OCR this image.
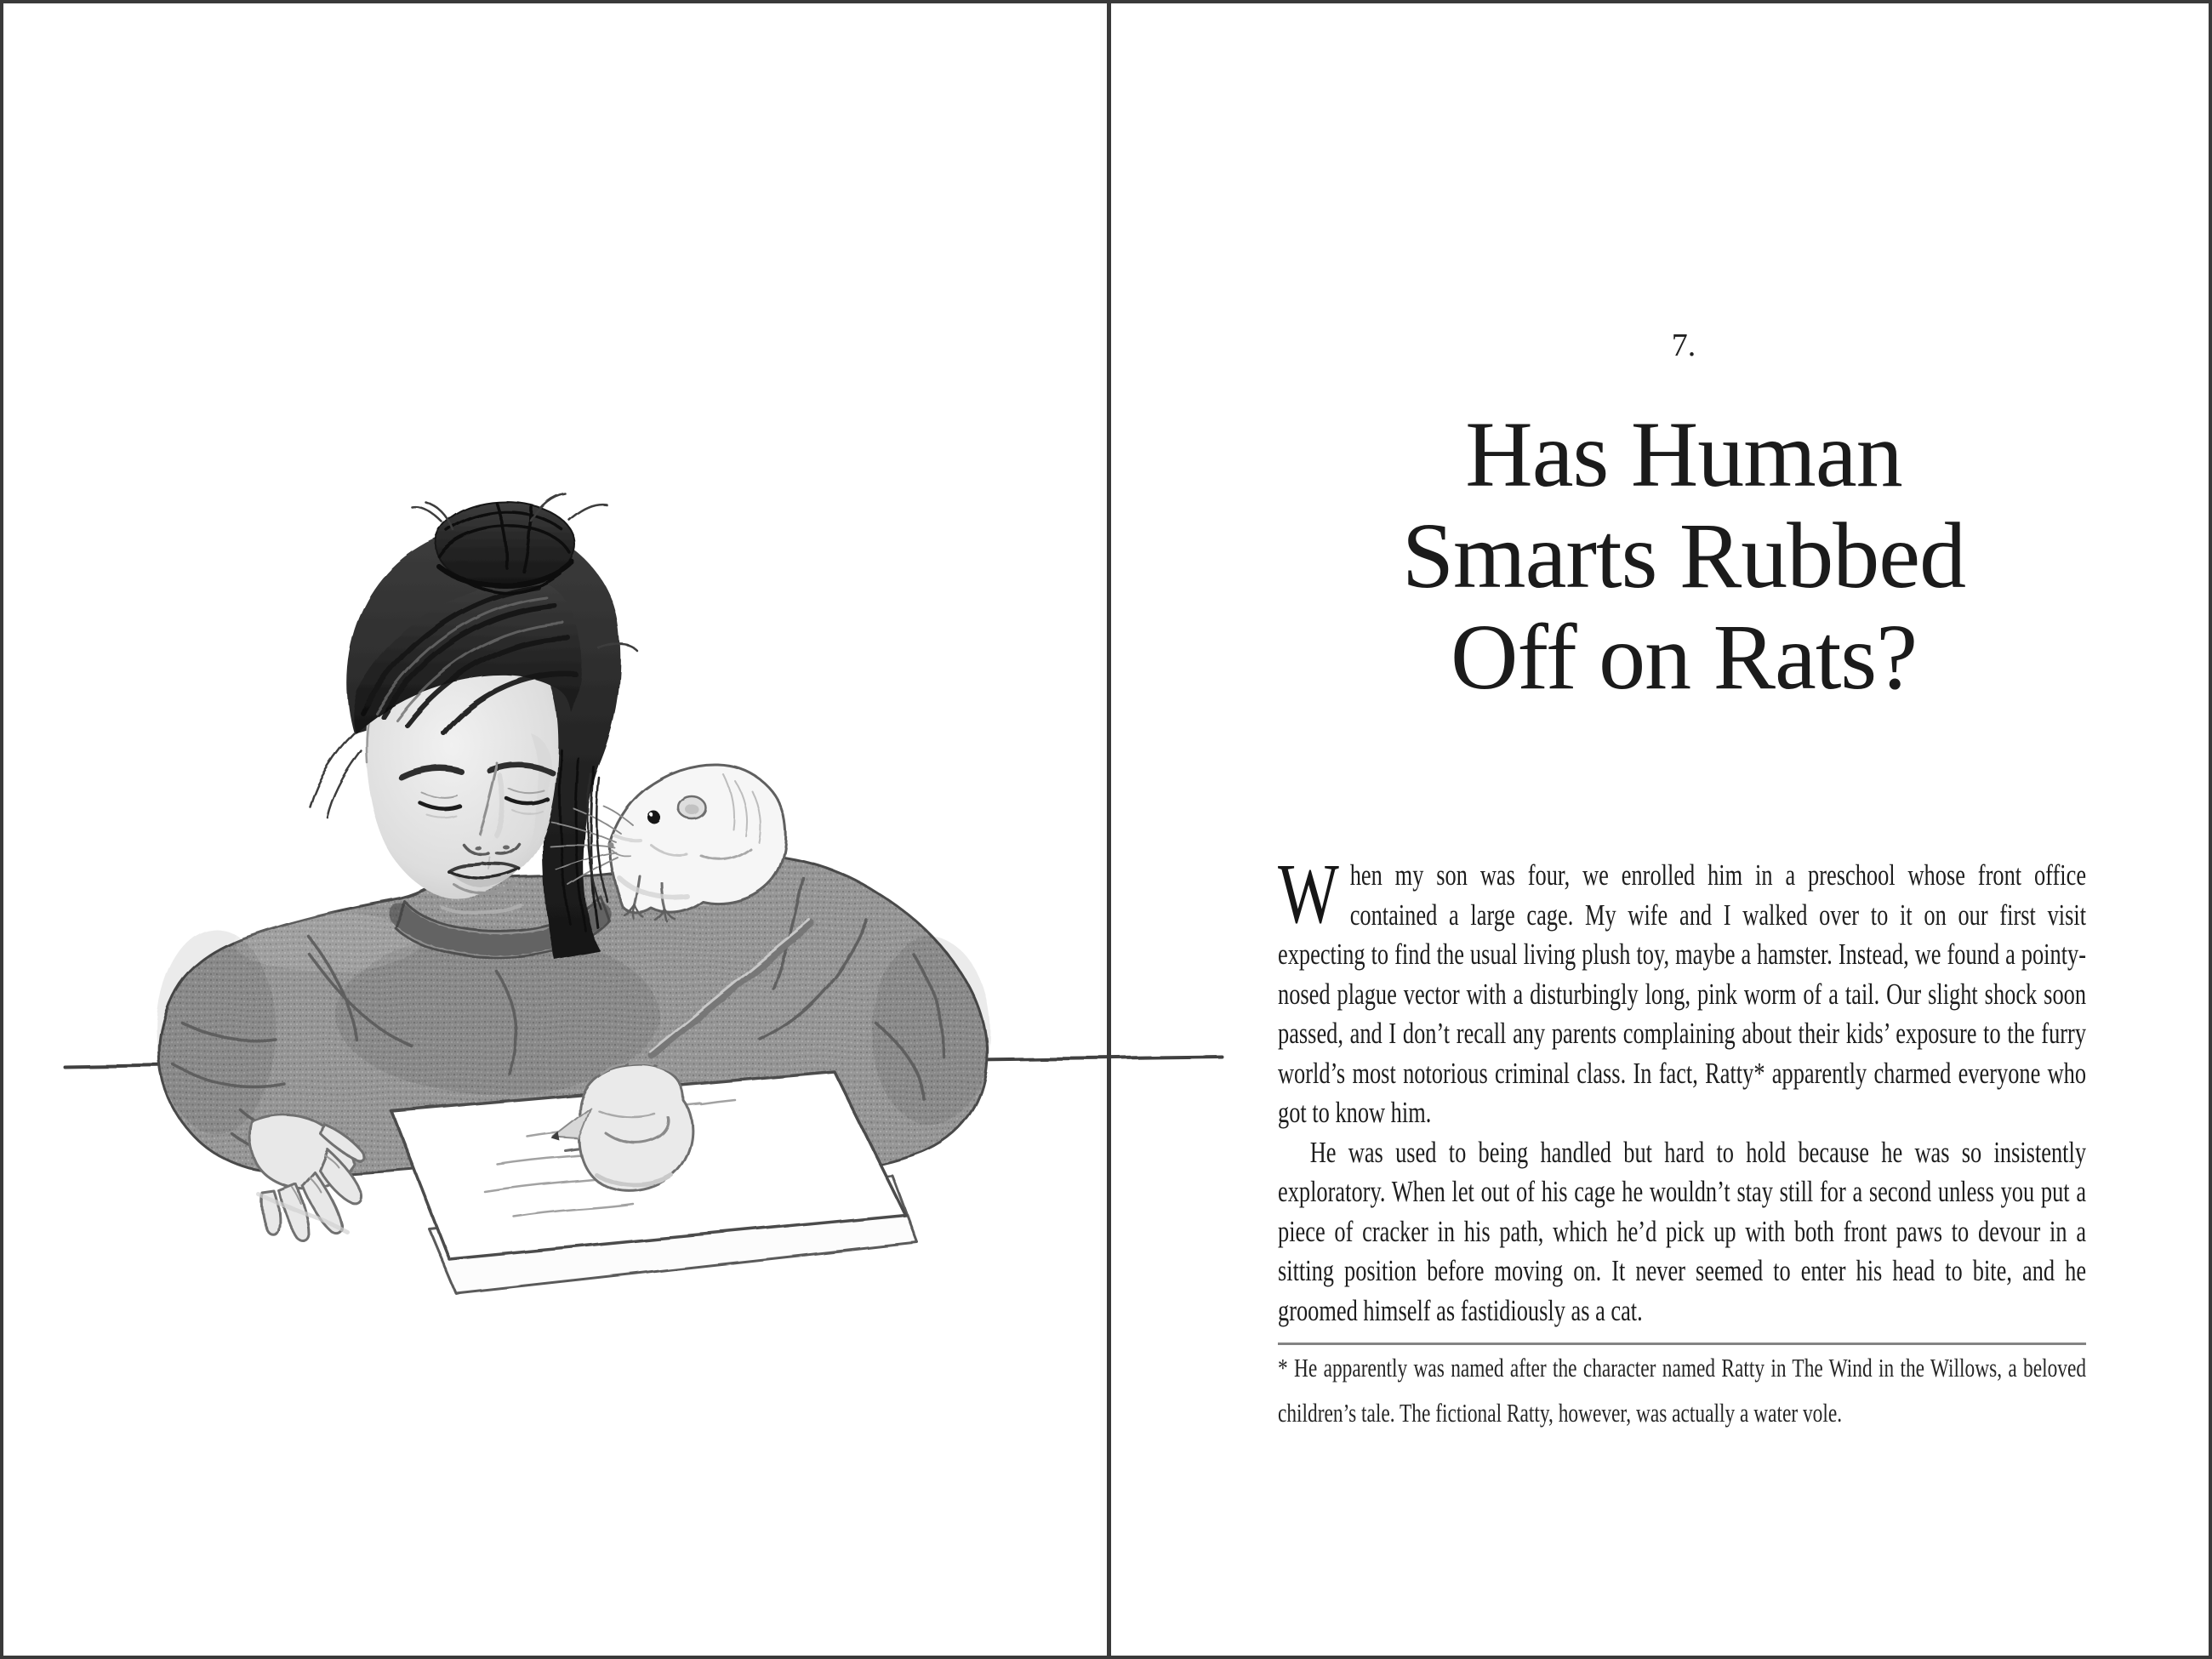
7.
Has Human
Smarts Rubbed
Off on Rats?

When my son was four, we enrolled him in a preschool whose front office contained a large cage. My wife and I walked over to it on our first visit expecting to find the usual living plush toy, maybe a hamster. Instead, we found a pointy-nosed plague vector with a disturbingly long, pink worm of a tail. Our slight shock soon passed, and I don’t recall any parents complaining about their kids’ exposure to the furry world’s most notorious criminal class. In fact, Ratty* apparently charmed everyone who got to know him.

He was used to being handled but hard to hold because he was so insistently exploratory. When let out of his cage he wouldn’t stay still for a second unless you put a piece of cracker in his path, which he’d pick up with both front paws to devour in a sitting position before moving on. It never seemed to enter his head to bite, and he groomed himself as fastidiously as a cat.

* He apparently was named after the character named Ratty in The Wind in the Willows, a beloved children’s tale. The fictional Ratty, however, was actually a water vole.
